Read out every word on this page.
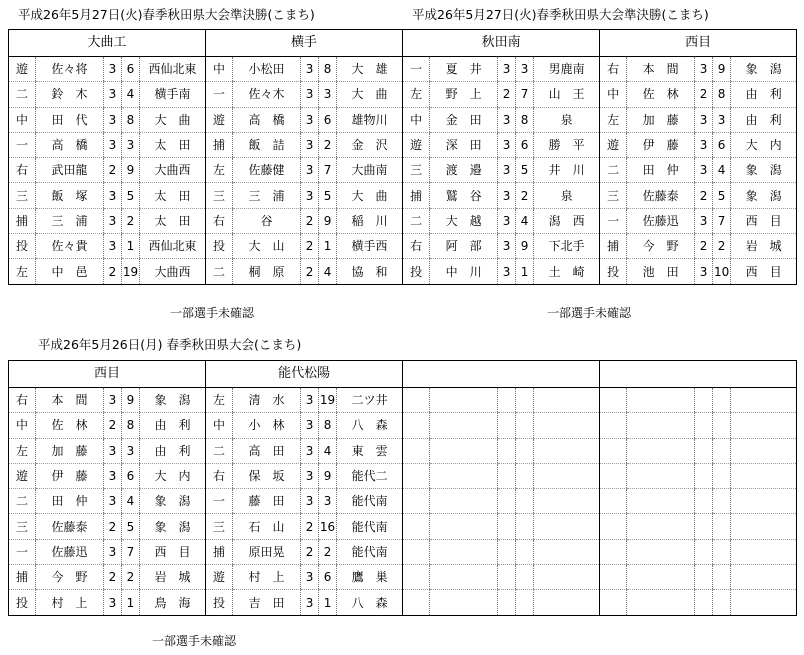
平成26年5月27日(火)春季秋田県大会準決勝(こまち)	平成26年5月27日(火)春季秋田県大会準決勝(こまち)
大曲工					横手					秋田南					西目				
遊	佐々将	3	6	西仙北東	中	小松田	3	8	大　雄	一	夏　井	3	3	男鹿南	右	本　間	3	9	象　潟
二	鈴　木	3	4	横手南	一	佐々木	3	3	大　曲	左	野　上	2	7	山　王	中	佐　林	2	8	由　利
中	田　代	3	8	大　曲	遊	高　橋	3	6	雄物川	中	金　田	3	8	泉	左	加　藤	3	3	由　利
一	高　橋	3	3	太　田	捕	飯　詰	3	2	金　沢	遊	深　田	3	6	勝　平	遊	伊　藤	3	6	大　内
右	武田龍	2	9	大曲西	左	佐藤健	3	7	大曲南	三	渡　邉	3	5	井　川	二	田　仲	3	4	象　潟
三	飯　塚	3	5	太　田	三	三　浦	3	5	大　曲	捕	鷲　谷	3	2	泉	三	佐藤泰	2	5	象　潟
捕	三　浦	3	2	太　田	右	谷	2	9	稲　川	二	大　越	3	4	潟　西	一	佐藤迅	3	7	西　目
投	佐々貴	3	1	西仙北東	投	大　山	2	1	横手西	右	阿　部	3	9	下北手	捕	今　野	2	2	岩　城
左	中　邑	2	19	大曲西	二	桐　原	2	4	協　和	投	中　川	3	1	土　崎	投	池　田	3	10	西　目
一部選手未確認	一部選手未確認
平成26年5月26日(月) 春季秋田県大会(こまち)
西目					能代松陽														
右	本　間	3	9	象　潟	左	清　水	3	19	二ツ井										
中	佐　林	2	8	由　利	中	小　林	3	8	八　森										
左	加　藤	3	3	由　利	二	高　田	3	4	東　雲										
遊	伊　藤	3	6	大　内	右	保　坂	3	9	能代二										
二	田　仲	3	4	象　潟	一	藤　田	3	3	能代南										
三	佐藤泰	2	5	象　潟	三	石　山	2	16	能代南										
一	佐藤迅	3	7	西　目	捕	原田晃	2	2	能代南										
捕	今　野	2	2	岩　城	遊	村　上	3	6	鷹　巣										
投	村　上	3	1	鳥　海	投	吉　田	3	1	八　森										
一部選手未確認
